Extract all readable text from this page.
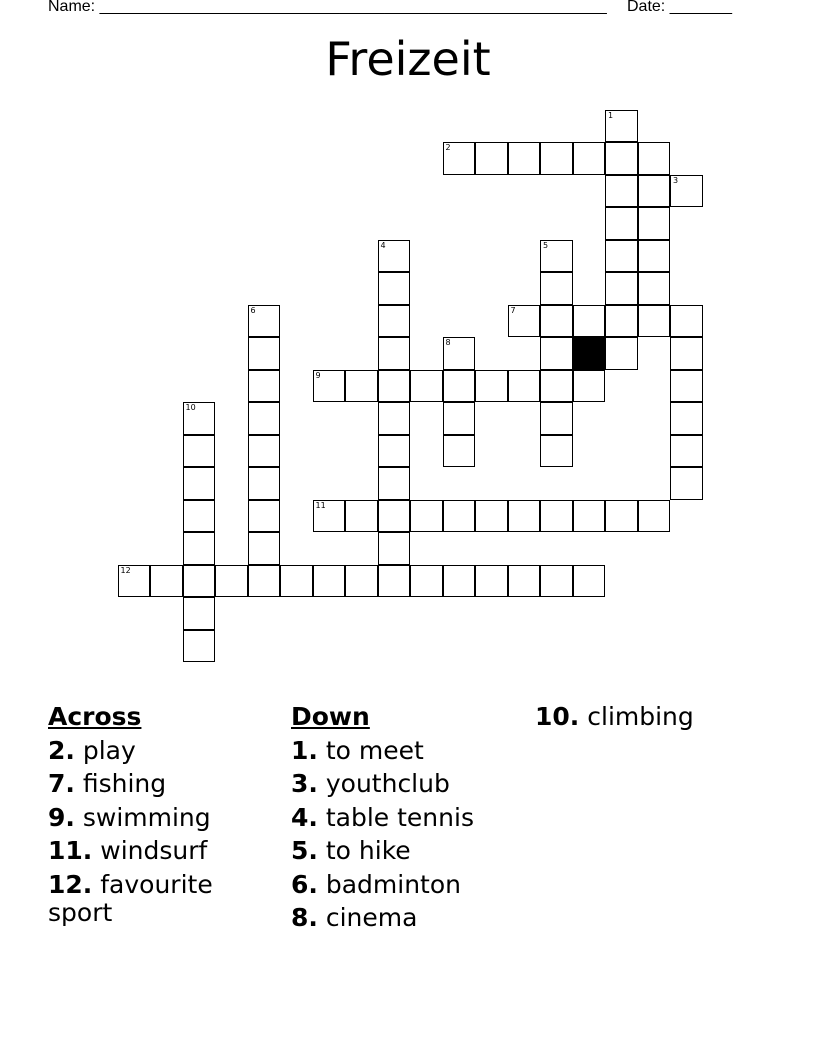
Name: _________________________________________________________ Date: _______
Freizeit
1
2
4	5
6	7
8
9
10
11
12
3
Across
2. play
7. fishing
9. swimming
11. windsurf
12. favourite sport
Down
1. to meet
3. youthclub
4. table tennis
5. to hike
6. badminton
8. cinema
10. climbing
